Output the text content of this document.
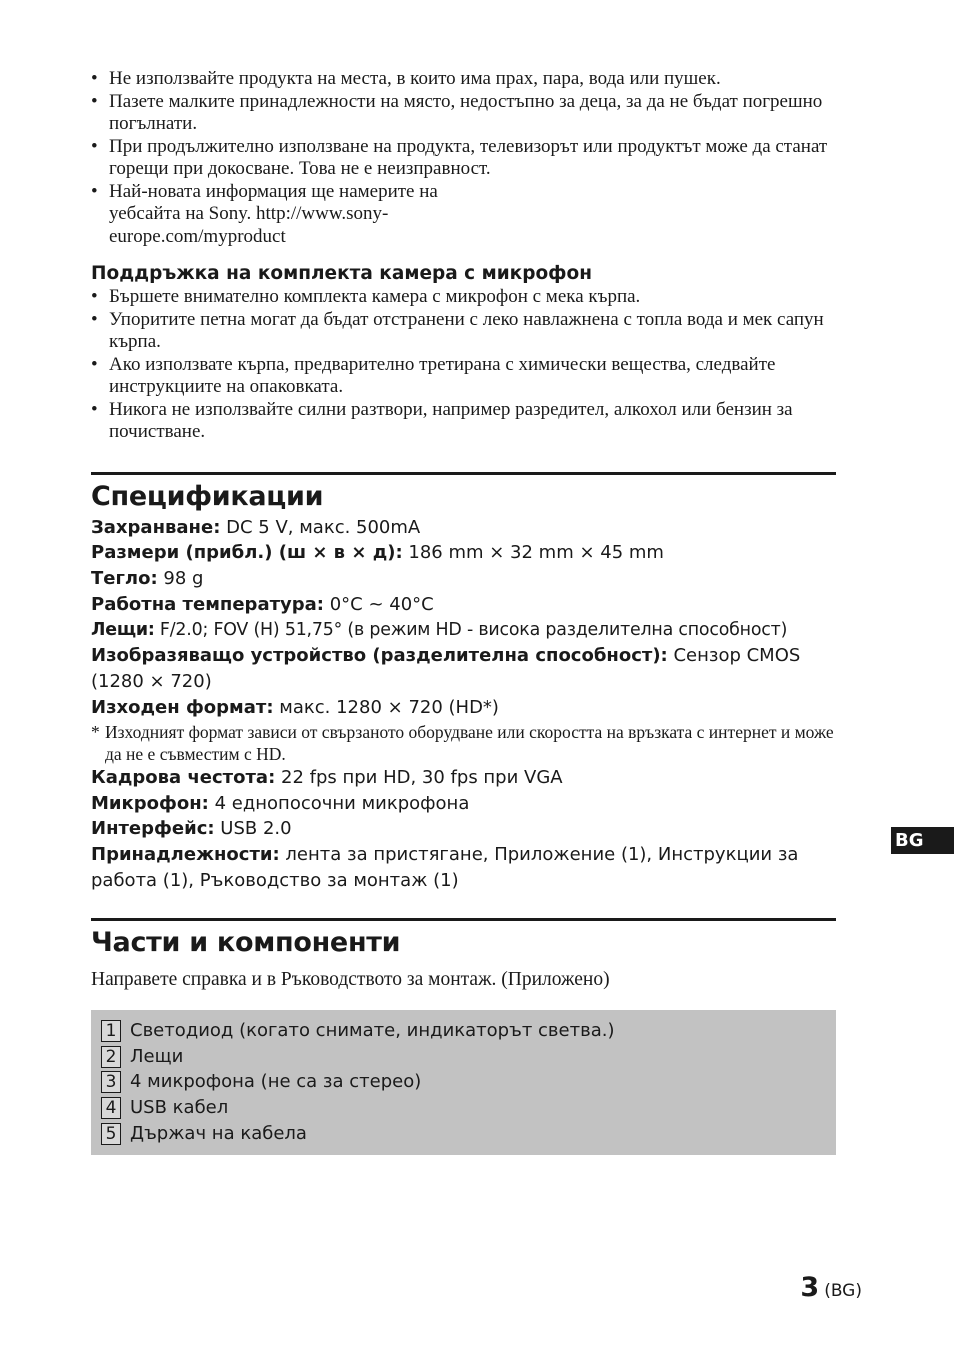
• Не използвайте продукта на места, в които има прах, пара, вода или пушек.
• Пазете малките принадлежности на място, недостъпно за деца, за да не бъдат погрешно погълнати.
• При продължително използване на продукта, телевизорът или продуктът може да станат горещи при докосване. Това не е неизправност.
• Най-новата информация ще намерите на уебсайта на Sony. http://www.sony-europe.com/myproduct
Поддръжка на комплекта камера с микрофон
• Бършете внимателно комплекта камера с микрофон с мека кърпа.
• Упоритите петна могат да бъдат отстранени с леко навлажнена с топла вода и мек сапун кърпа.
• Ако използвате кърпа, предварително третирана с химически вещества, следвайте инструкциите на опаковката.
• Никога не използвайте силни разтвори, например разредител, алкохол или бензин за почистване.
Спецификации
Захранване: DC 5 V, макс. 500mA
Размери (прибл.) (ш × в × д): 186 mm × 32 mm × 45 mm
Тегло: 98 g
Работна температура: 0°C ~ 40°C
Лещи: F/2.0; FOV (H) 51,75° (в режим HD - висока разделителна способност)
Изобразяващо устройство (разделителна способност): Сензор CMOS (1280 × 720)
Изходен формат: макс. 1280 × 720 (HD*)
* Изходният формат зависи от свързаното оборудване или скоростта на връзката с интернет и може да не е съвместим с HD.
Кадрова честота: 22 fps при HD, 30 fps при VGA
Микрофон: 4 еднопосочни микрофона
Интерфейс: USB 2.0
Принадлежности: лента за пристягане, Приложение (1), Инструкции за работа (1), Ръководство за монтаж (1)
Части и компоненти
Направете справка и в Ръководството за монтаж. (Приложено)
1 Светодиод (когато снимате, индикаторът светва.)
2 Лещи
3 4 микрофона (не са за стерео)
4 USB кабел
5 Държач на кабела
BG
3 (BG)
